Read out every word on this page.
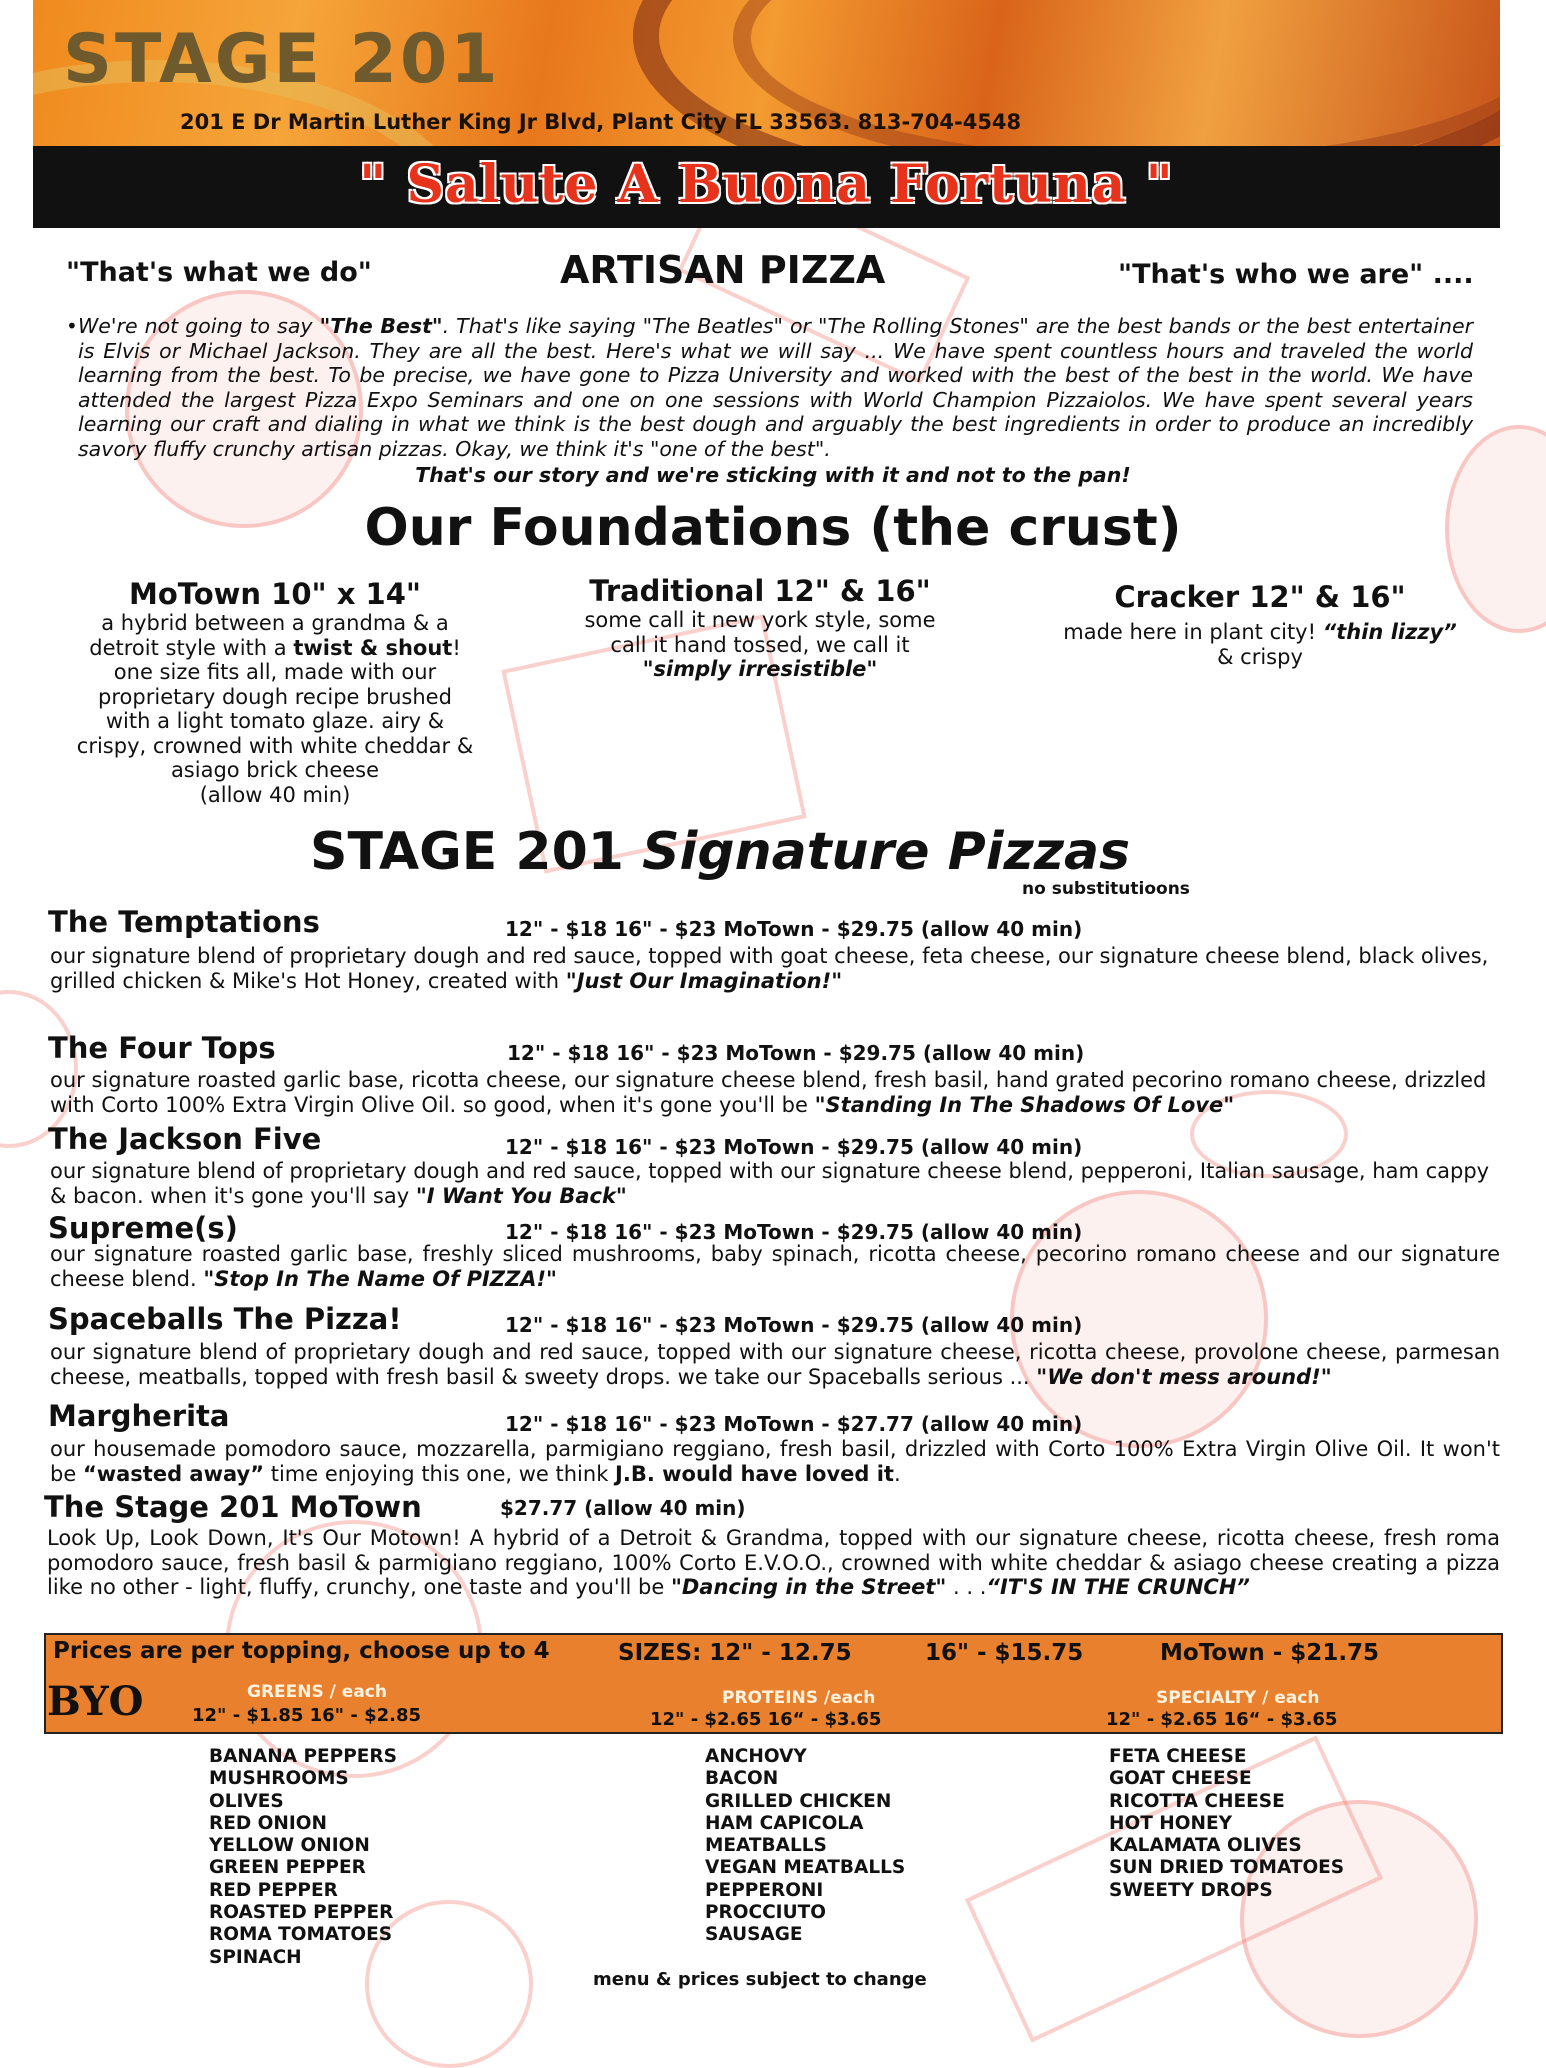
STAGE 201
201 E Dr Martin Luther King Jr Blvd, Plant City FL 33563. 813-704-4548
" Salute A Buona Fortuna "
"That's what we do"	ARTISAN PIZZA	"That's who we are" ....
• We're not going to say "The Best". That's like saying "The Beatles" or "The Rolling Stones" are the best bands or the best entertainer is Elvis or Michael Jackson. They are all the best. Here's what we will say ... We have spent countless hours and traveled the world learning from the best. To be precise, we have gone to Pizza University and worked with the best of the best in the world. We have attended the largest Pizza Expo Seminars and one on one sessions with World Champion Pizzaiolos. We have spent several years learning our craft and dialing in what we think is the best dough and arguably the best ingredients in order to produce an incredibly savory fluffy crunchy artisan pizzas. Okay, we think it's "one of the best".
That's our story and we're sticking with it and not to the pan!
Our Foundations (the crust)
MoTown 10" x 14"
a hybrid between a grandma & a detroit style with a twist & shout! one size fits all, made with our proprietary dough recipe brushed with a light tomato glaze. airy & crispy, crowned with white cheddar & asiago brick cheese
(allow 40 min)
Traditional 12" & 16"
some call it new york style, some call it hand tossed, we call it
"simply irresistible"
Cracker 12" & 16"
made here in plant city! “thin lizzy”
& crispy
STAGE 201 Signature Pizzas
no substitutioons
The Temptations	12" - $18 16" - $23 MoTown - $29.75 (allow 40 min)
our signature blend of proprietary dough and red sauce, topped with goat cheese, feta cheese, our signature cheese blend, black olives, grilled chicken & Mike's Hot Honey, created with "Just Our Imagination!"
The Four Tops	12" - $18 16" - $23 MoTown - $29.75 (allow 40 min)
our signature roasted garlic base, ricotta cheese, our signature cheese blend, fresh basil, hand grated pecorino romano cheese, drizzled with Corto 100% Extra Virgin Olive Oil. so good, when it's gone you'll be "Standing In The Shadows Of Love"
The Jackson Five	12" - $18 16" - $23 MoTown - $29.75 (allow 40 min)
our signature blend of proprietary dough and red sauce, topped with our signature cheese blend, pepperoni, Italian sausage, ham cappy & bacon. when it's gone you'll say "I Want You Back"
Supreme(s)	12" - $18 16" - $23 MoTown - $29.75 (allow 40 min)
our signature roasted garlic base, freshly sliced mushrooms, baby spinach, ricotta cheese, pecorino romano cheese and our signature cheese blend. "Stop In The Name Of PIZZA!"
Spaceballs The Pizza!	12" - $18 16" - $23 MoTown - $29.75 (allow 40 min)
our signature blend of proprietary dough and red sauce, topped with our signature cheese, ricotta cheese, provolone cheese, parmesan cheese, meatballs, topped with fresh basil & sweety drops. we take our Spaceballs serious ... "We don't mess around!"
Margherita	12" - $18 16" - $23 MoTown - $27.77 (allow 40 min)
our housemade pomodoro sauce, mozzarella, parmigiano reggiano, fresh basil, drizzled with Corto 100% Extra Virgin Olive Oil. It won't be “wasted away” time enjoying this one, we think J.B. would have loved it.
The Stage 201 MoTown	$27.77 (allow 40 min)
Look Up, Look Down, It's Our Motown! A hybrid of a Detroit & Grandma, topped with our signature cheese, ricotta cheese, fresh roma pomodoro sauce, fresh basil & parmigiano reggiano, 100% Corto E.V.O.O., crowned with white cheddar & asiago cheese creating a pizza like no other - light, fluffy, crunchy, one taste and you'll be "Dancing in the Street" . . .“IT'S IN THE CRUNCH”
Prices are per topping, choose up to 4	SIZES: 12" - 12.75	16" - $15.75	MoTown - $21.75
BYO	GREENS / each
12" - $1.85 16" - $2.85
PROTEINS /each
12" - $2.65 16“ - $3.65
SPECIALTY / each
12" - $2.65 16“ - $3.65
BANANA PEPPERS
MUSHROOMS
OLIVES
RED ONION
YELLOW ONION
GREEN PEPPER
RED PEPPER
ROASTED PEPPER
ROMA TOMATOES
SPINACH
ANCHOVY
BACON
GRILLED CHICKEN
HAM CAPICOLA
MEATBALLS
VEGAN MEATBALLS
PEPPERONI
PROCCIUTO
SAUSAGE
FETA CHEESE
GOAT CHEESE
RICOTTA CHEESE
HOT HONEY
KALAMATA OLIVES
SUN DRIED TOMATOES
SWEETY DROPS
menu & prices subject to change
